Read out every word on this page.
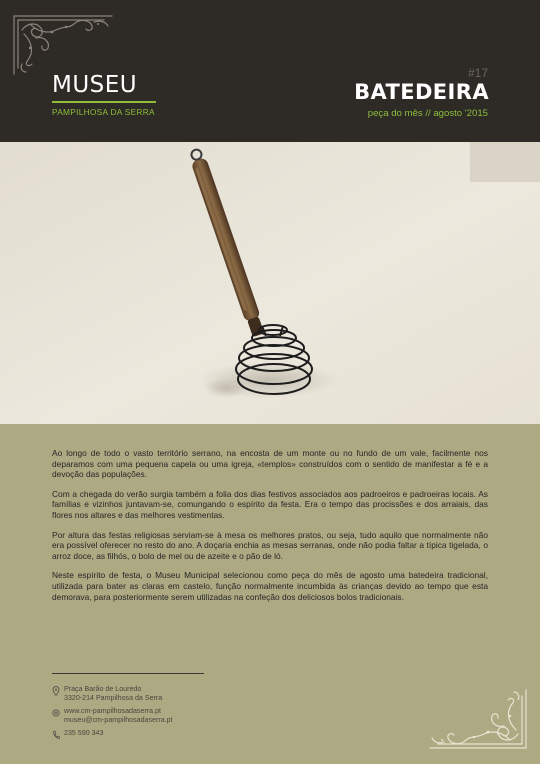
MUSEU
PAMPILHOSA DA SERRA
#17
BATEDEIRA
peça do mês // agosto '2015

Ao longo de todo o vasto território serrano, na encosta de um monte ou no fundo de um vale, facilmente nos deparamos com uma pequena capela ou uma igreja, «templos» construídos com o sentido de manifestar a fé e a devoção das populações.

Com a chegada do verão surgia também a folia dos dias festivos associados aos padroeiros e padroeiras locais. As famílias e vizinhos juntavam-se, comungando o espírito da festa. Era o tempo das procissões e dos arraiais, das flores nos altares e das melhores vestimentas.

Por altura das festas religiosas serviam-se à mesa os melhores pratos, ou seja, tudo aquilo que normalmente não era possível oferecer no resto do ano. A doçaria enchia as mesas serranas, onde não podia faltar a típica tigelada, o arroz doce, as filhós, o bolo de mel ou de azeite e o pão de ló.

Neste espírito de festa, o Museu Municipal selecionou como peça do mês de agosto uma batedeira tradicional, utilizada para bater as claras em castelo, função normalmente incumbida às crianças devido ao tempo que esta demorava, para posteriormente serem utilizadas na confeção dos deliciosos bolos tradicionais.

Praça Barão de Louredo
3320-214 Pampilhosa da Serra
www.cm-pampilhosadaserra.pt
museu@cm-pampilhosadaserra.pt
235 590 343
